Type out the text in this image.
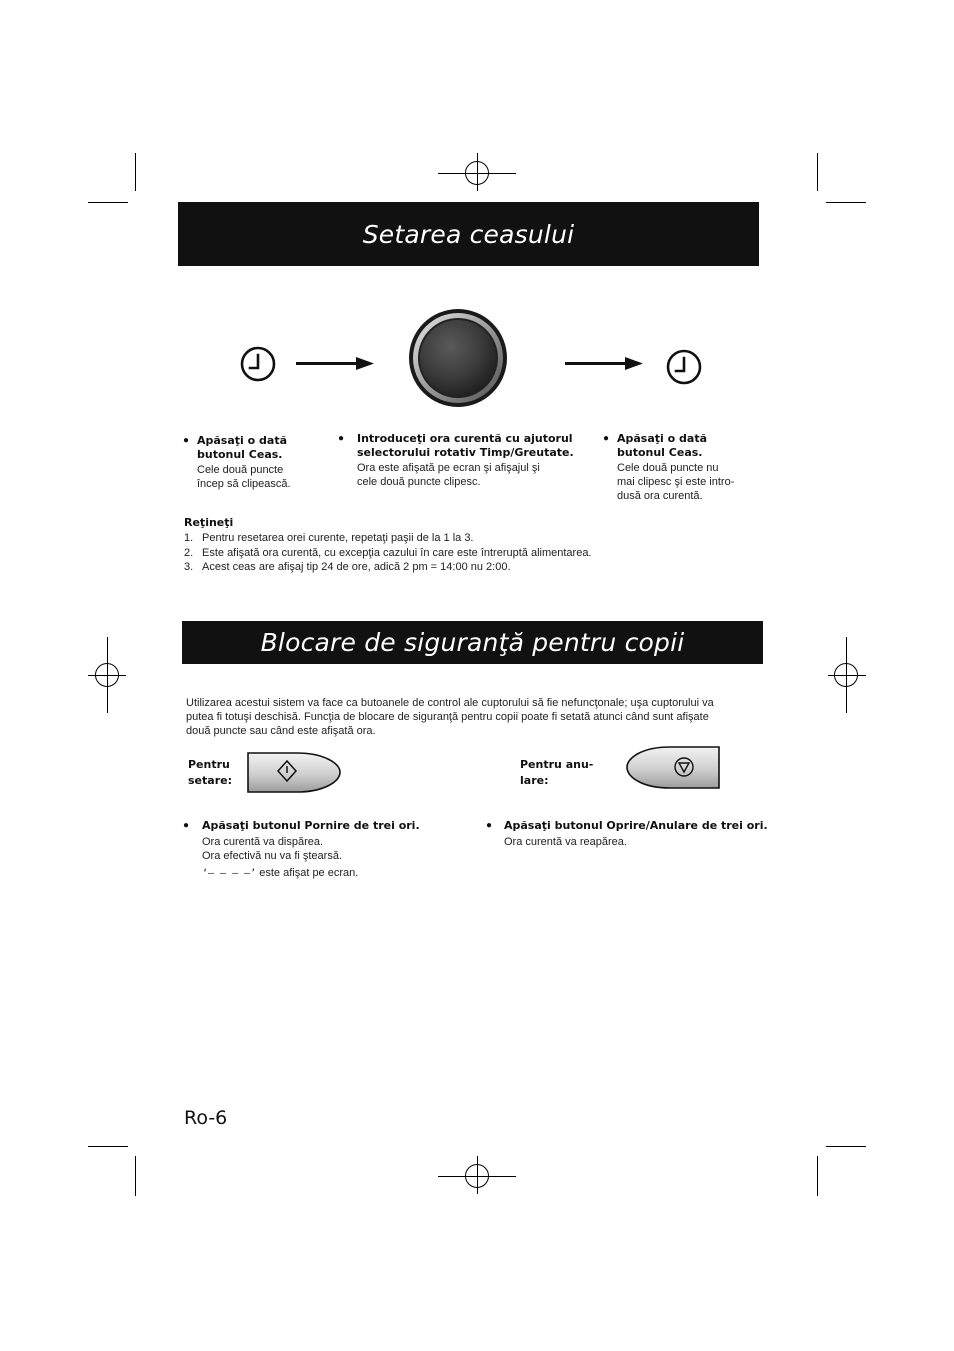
Setarea ceasului
● Apăsaţi o dată
butonul Ceas.
Cele două puncte
încep să clipească.
● Introduceţi ora curentă cu ajutorul
selectorului rotativ Timp/Greutate.
Ora este afişată pe ecran şi afişajul şi
cele două puncte clipesc.
● Apăsaţi o dată
butonul Ceas.
Cele două puncte nu
mai clipesc şi este intro-
dusă ora curentă.
Reţineţi
1. Pentru resetarea orei curente, repetaţi paşii de la 1 la 3.
2. Este afişată ora curentă, cu excepţia cazului în care este întreruptă alimentarea.
3. Acest ceas are afişaj tip 24 de ore, adică 2 pm = 14:00 nu 2:00.
Blocare de siguranţă pentru copii
Utilizarea acestui sistem va face ca butoanele de control ale cuptorului să fie nefuncţonale; uşa cuptorului va
putea fi totuşi deschisă. Funcţia de blocare de siguranţă pentru copii poate fi setată atunci când sunt afişate
două puncte sau când este afişată ora.
Pentru
setare:
● Apăsaţi butonul Pornire de trei ori.
Ora curentă va dispărea.
Ora efectivă nu va fi ştearsă.
‘– – – –’ este afişat pe ecran.
Pentru anu-
lare:
● Apăsaţi butonul Oprire/Anulare de trei ori.
Ora curentă va reapărea.
Ro-6
